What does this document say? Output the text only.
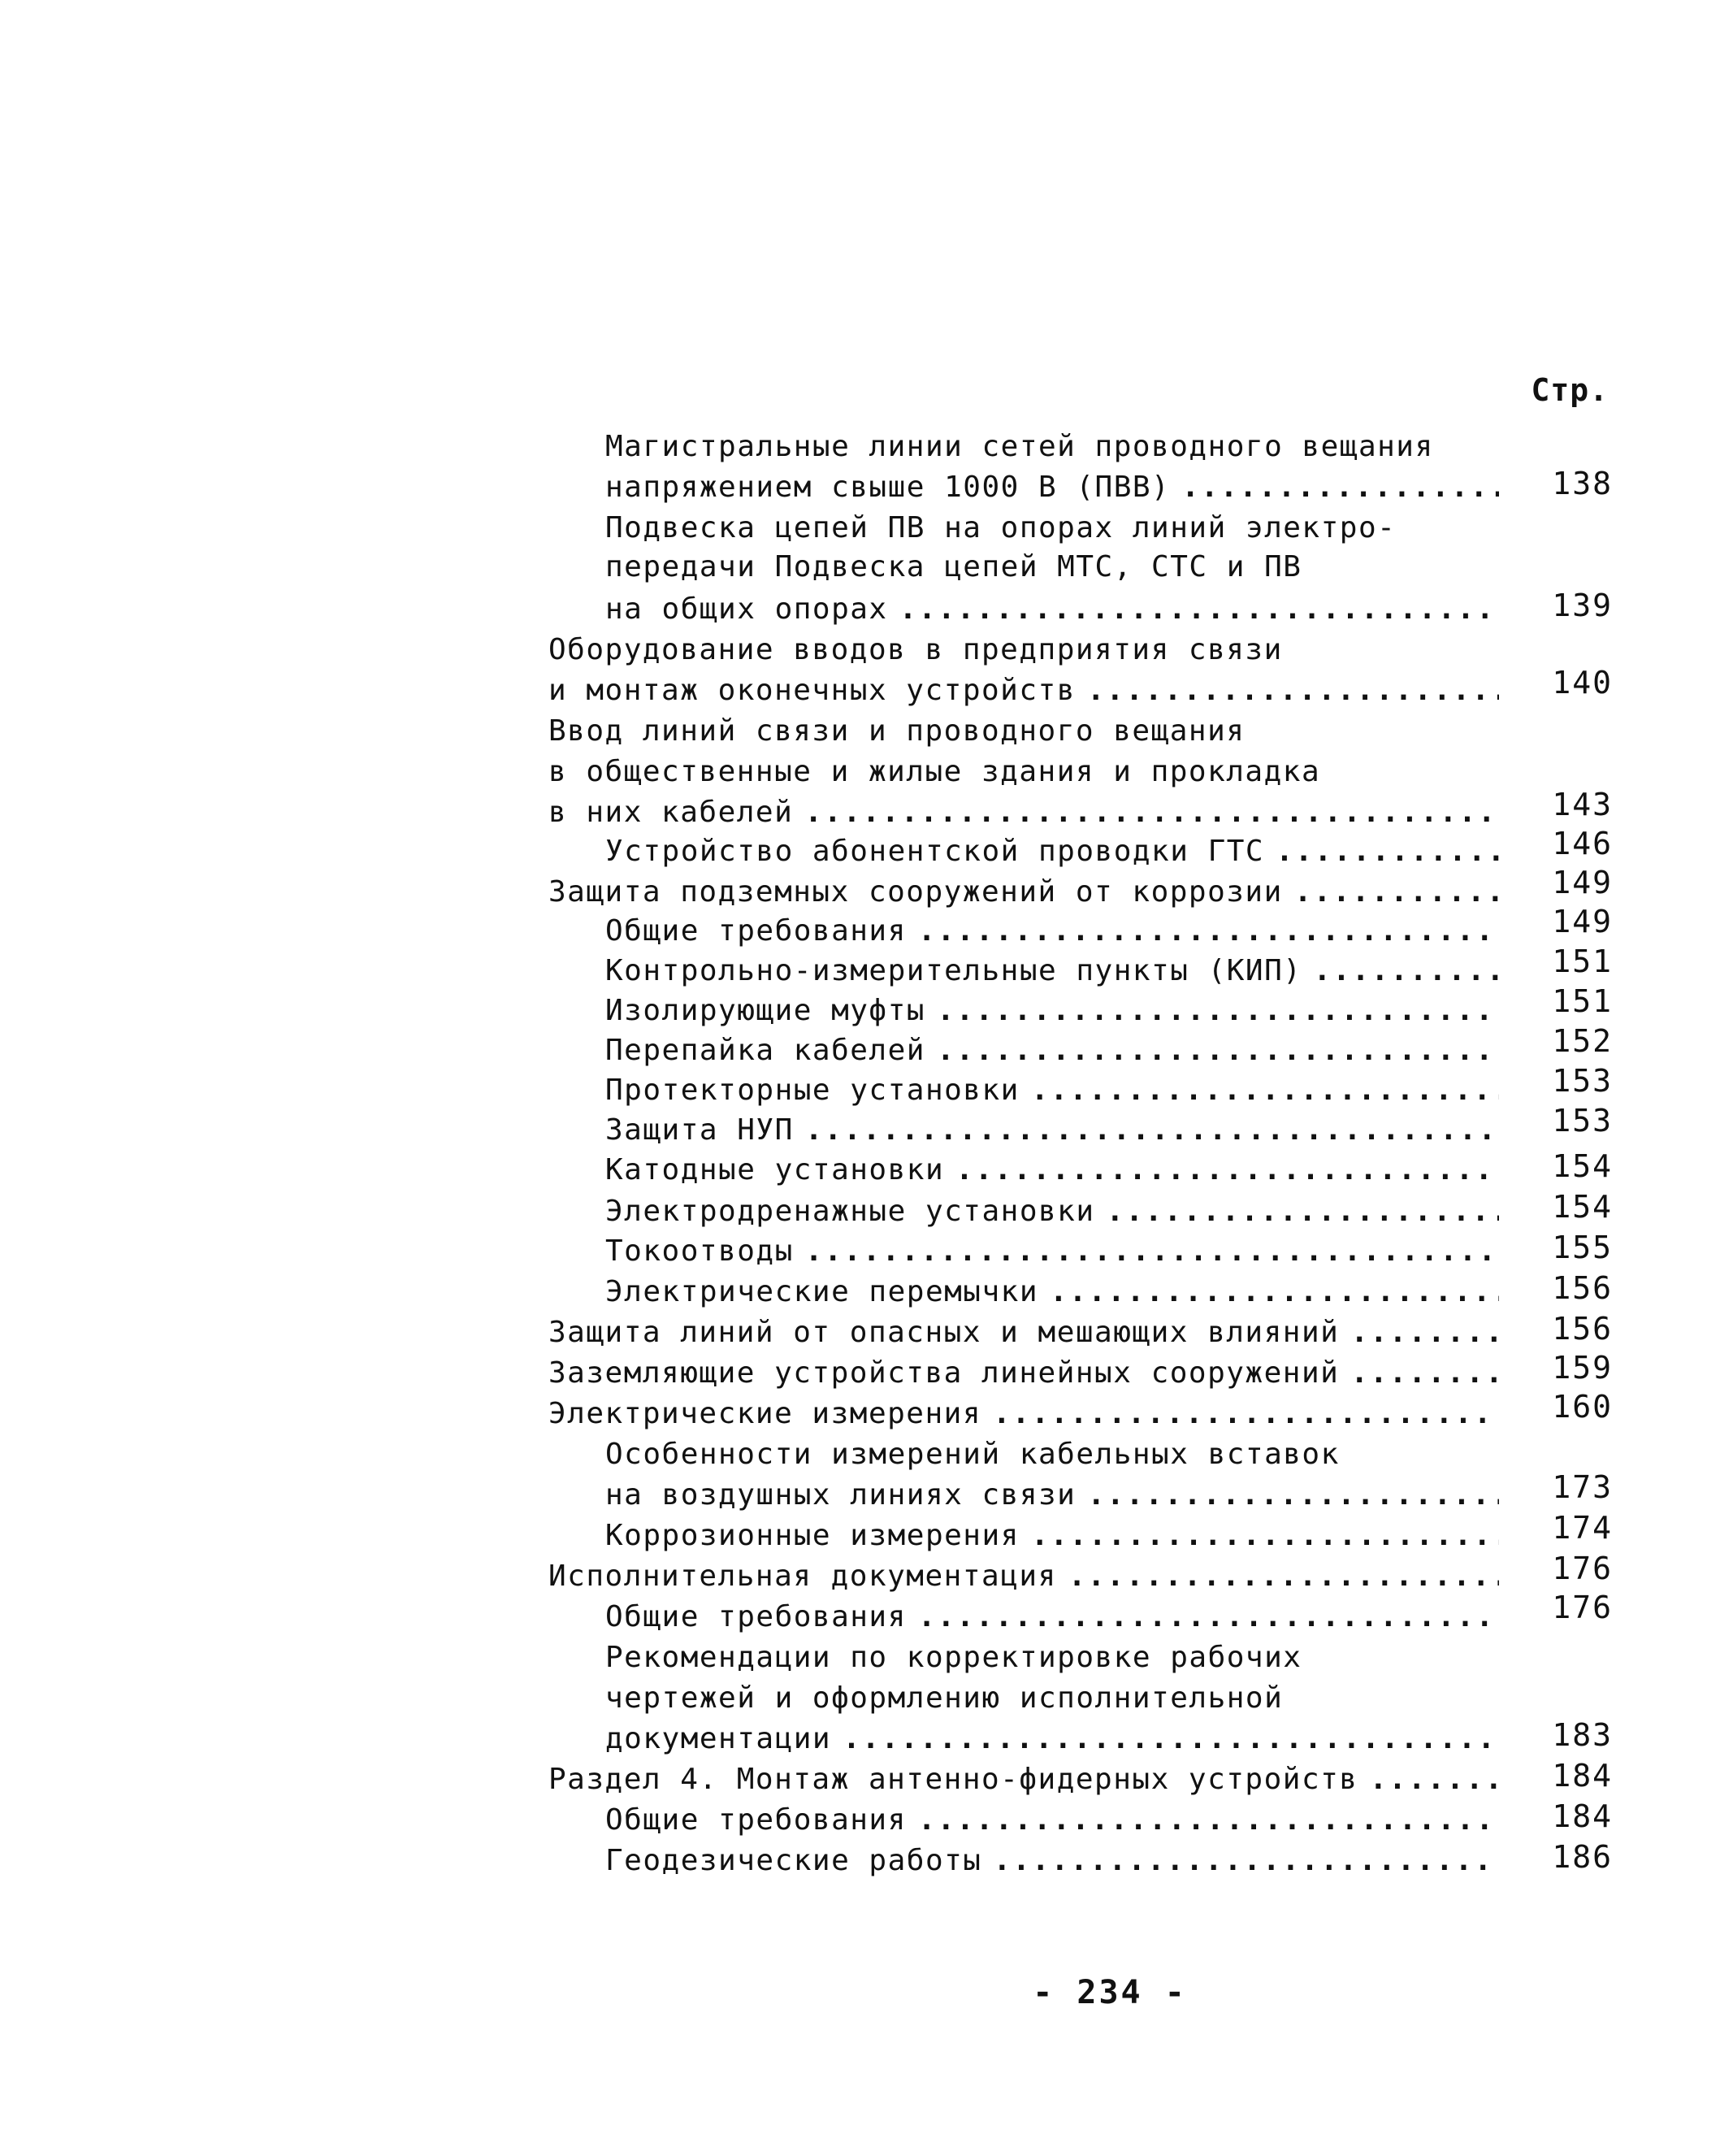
Стр.
Магистральные линии сетей проводного вещания
напряжением свыше 1000 В (ПВВ) .....	138
Подвеска цепей ПВ на опорах линий электро-
передачи Подвеска цепей МТС, СТС и ПВ
на общих опорах .....	139
Оборудование вводов в предприятия связи
и монтаж оконечных устройств .....	140
Ввод линий связи и проводного вещания
в общественные и жилые здания и прокладка
в них кабелей .....	143
Устройство абонентской проводки ГТС .....	146
Защита подземных сооружений от коррозии .....	149
Общие требования .....	149
Контрольно-измерительные пункты (КИП) .....	151
Изолирующие муфты .....	151
Перепайка кабелей .....	152
Протекторные установки .....	153
Защита НУП .....	153
Катодные установки .....	154
Электродренажные установки .....	154
Токоотводы .....	155
Электрические перемычки .....	156
Защита линий от опасных и мешающих влияний .....	156
Заземляющие устройства линейных сооружений .....	159
Электрические измерения .....	160
Особенности измерений кабельных вставок
на воздушных линиях связи .....	173
Коррозионные измерения .....	174
Исполнительная документация .....	176
Общие требования .....	176
Рекомендации по корректировке рабочих
чертежей и оформлению исполнительной
документации .....	183
Раздел 4. Монтаж антенно-фидерных устройств .....	184
Общие требования .....	184
Геодезические работы .....	186
- 234 -
